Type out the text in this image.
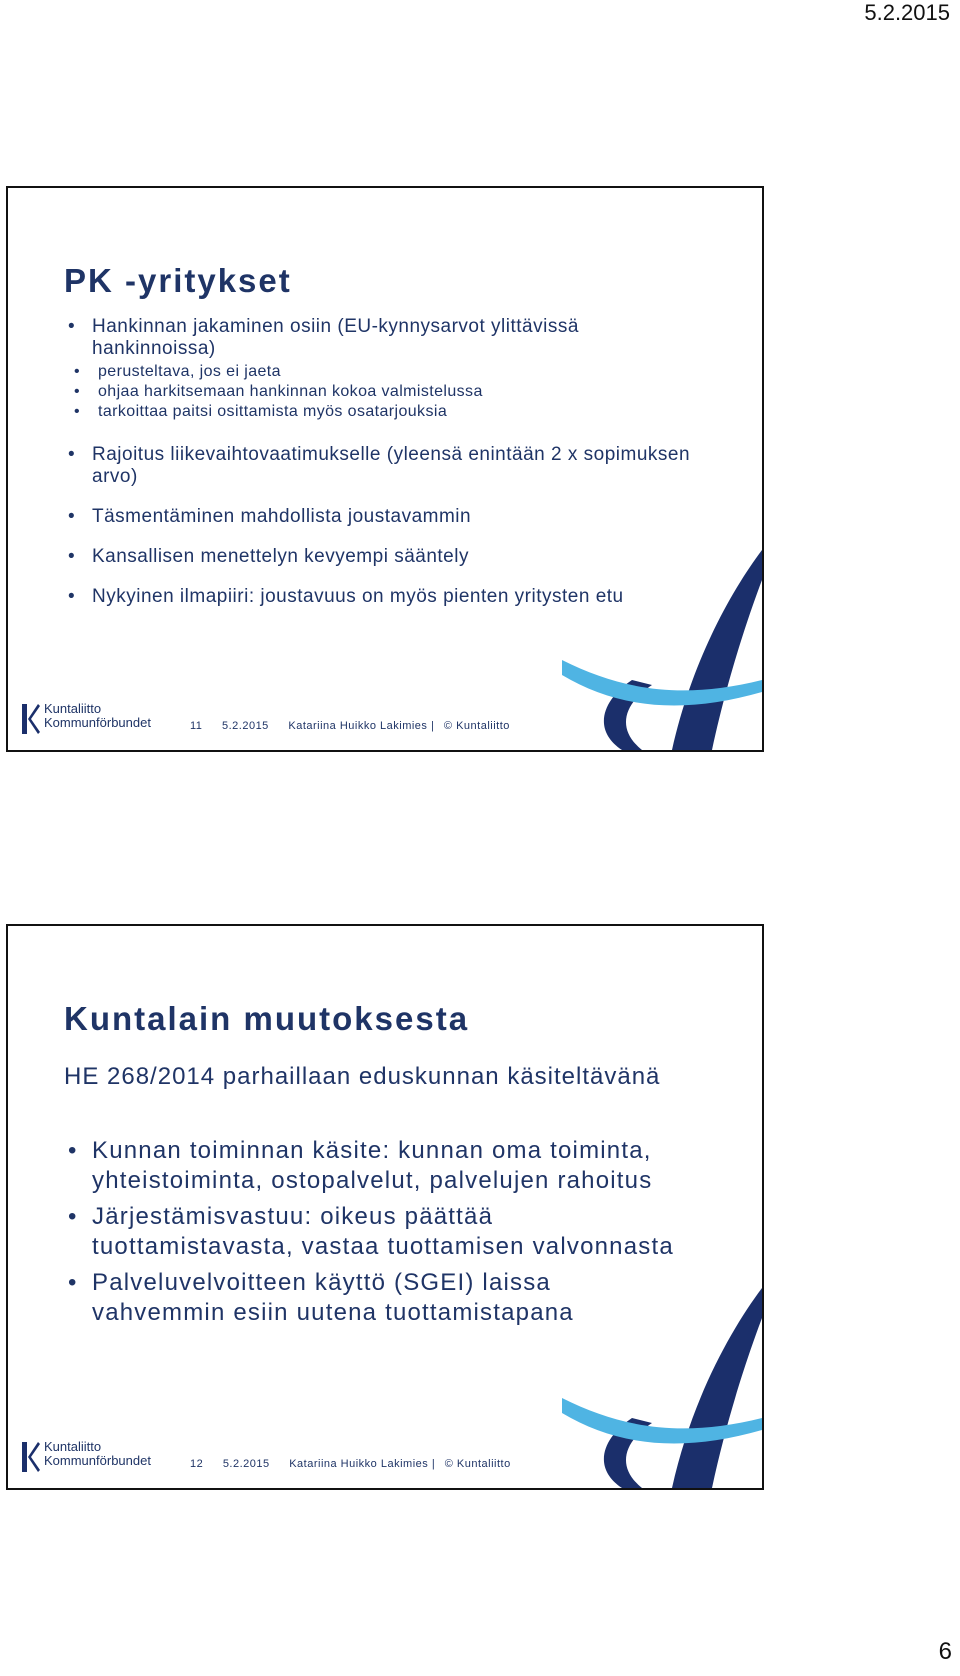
5.2.2015
PK -yritykset
• Hankinnan jakaminen osiin (EU-kynnysarvot ylittävissä hankinnoissa)
• perusteltava, jos ei jaeta
• ohjaa harkitsemaan hankinnan kokoa valmistelussa
• tarkoittaa paitsi osittamista myös osatarjouksia
• Rajoitus liikevaihtovaatimukselle (yleensä enintään 2 x sopimuksen arvo)
• Täsmentäminen mahdollista joustavammin
• Kansallisen menettelyn kevyempi sääntely
• Nykyinen ilmapiiri: joustavuus on myös pienten yritysten etu
Kuntaliitto
Kommunförbundet	11 5.2.2015 Katariina Huikko Lakimies | © Kuntaliitto
Kuntalain muutoksesta
HE 268/2014 parhaillaan eduskunnan käsiteltävänä
• Kunnan toiminnan käsite: kunnan oma toiminta, yhteistoiminta, ostopalvelut, palvelujen rahoitus
• Järjestämisvastuu: oikeus päättää tuottamistavasta, vastaa tuottamisen valvonnasta
• Palveluvelvoitteen käyttö (SGEI) laissa vahvemmin esiin uutena tuottamistapana
Kuntaliitto
Kommunförbundet	12 5.2.2015 Katariina Huikko Lakimies | © Kuntaliitto
6
